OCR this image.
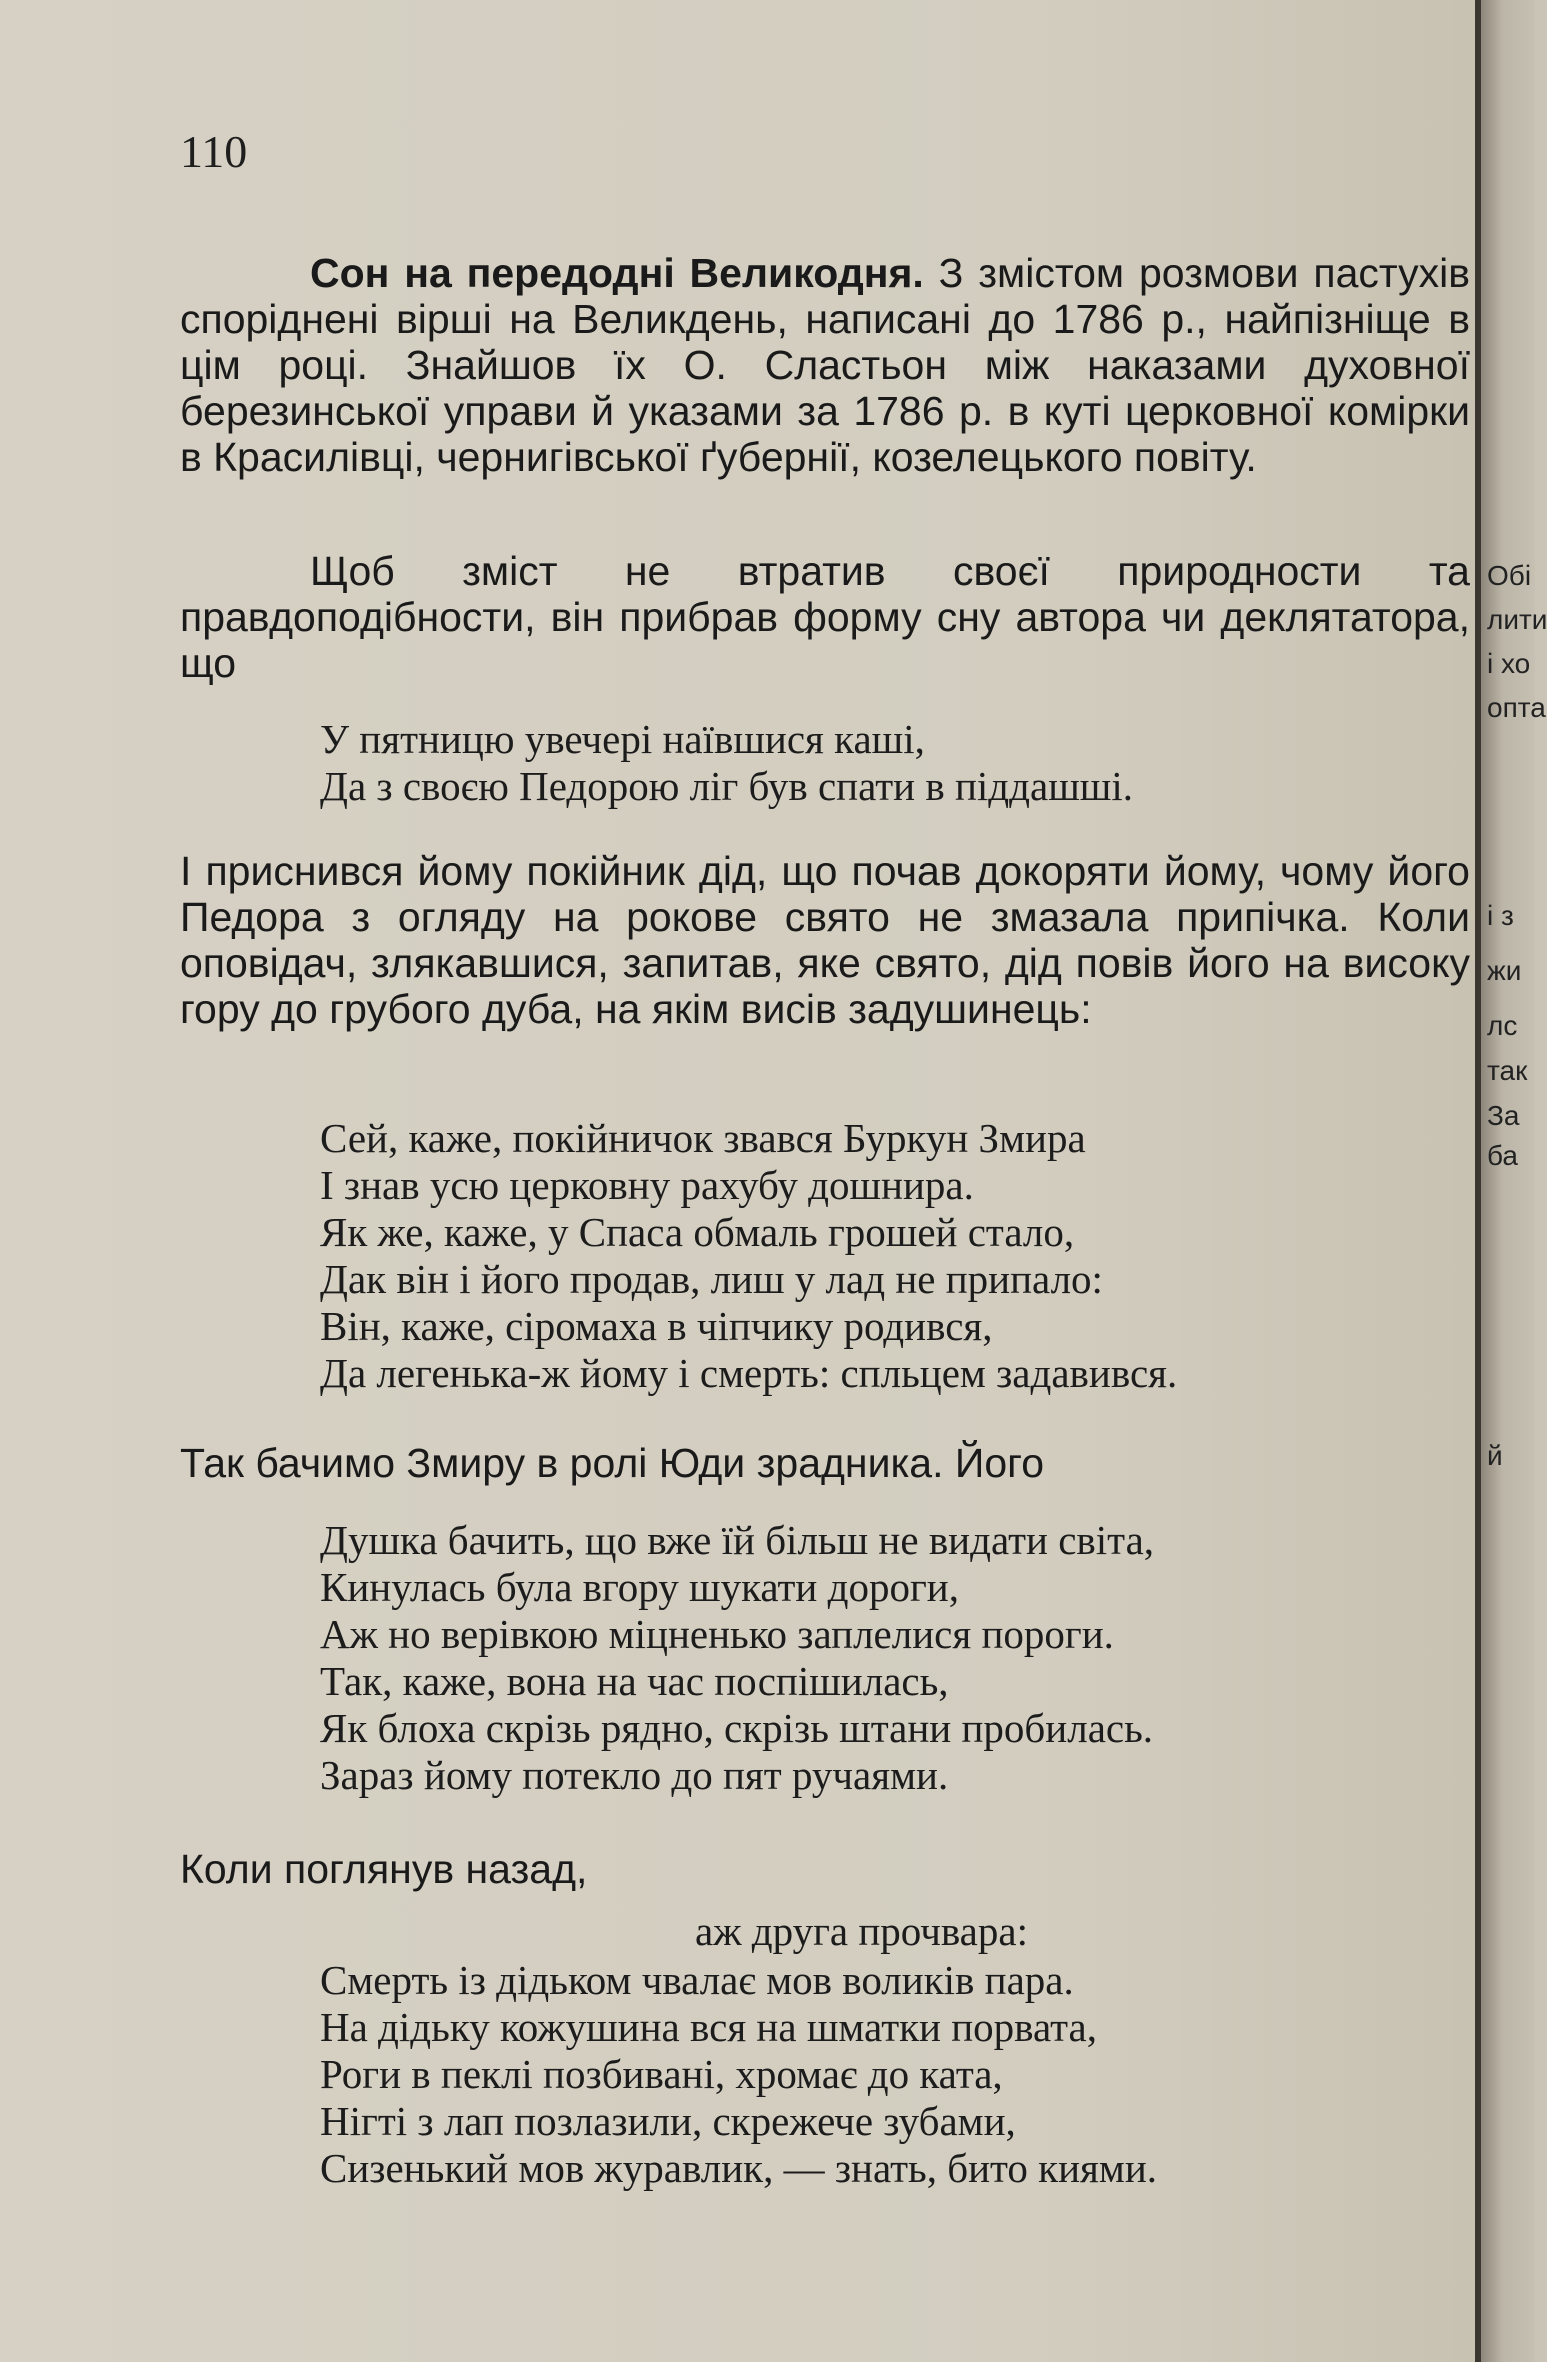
110
Сон на передодні Великодня. З змістом розмови пастухів споріднені вірші на Великдень, написані до 1786 р., найпізніще в цім році. Знайшов їх О. Сластьон між наказами духовної березинської управи й указами за 1786 р. в куті церковної комірки в Красилівці, чернигівської ґубернії, козелецького повіту.
Щоб зміст не втратив своєї природности та правдоподібности, він прибрав форму сну автора чи деклятатора, що
У пятницю увечері наївшися каші,
Да з своєю Педорою ліг був спати в піддашші.
І приснився йому покійник дід, що почав докоряти йому, чому його Педора з огляду на рокове свято не змазала припічка. Коли оповідач, злякавшися, запитав, яке свято, дід повів його на високу гору до грубого дуба, на якім висів задушинець:
Сей, каже, покійничок звався Буркун Змира
І знав усю церковну рахубу дошнира.
Як же, каже, у Спаса обмаль грошей стало,
Дак він і його продав, лиш у лад не припало:
Він, каже, сіромаха в чіпчику родився,
Да легенька-ж йому і смерть: спльцем задавився.
Так бачимо Змиру в ролі Юди зрадника. Його
Душка бачить, що вже їй більш не видати світа,
Кинулась була вгору шукати дороги,
Аж но верівкою міцненько заплелися пороги.
Так, каже, вона на час поспішилась,
Як блоха скрізь рядно, скрізь штани пробилась.
Зараз йому потекло до пят ручаями.
Коли поглянув назад,
аж друга прочвара:
Смерть із дідьком чвалає мов воликів пара.
На дідьку кожушина вся на шматки порвата,
Роги в пеклі позбивані, хромає до ката,
Нігті з лап позлазили, скрежече зубами,
Сизенький мов журавлик, — знать, бито киями.
Обі
лити
і хо
опта
і з
жи
лс
так
За
ба
й
